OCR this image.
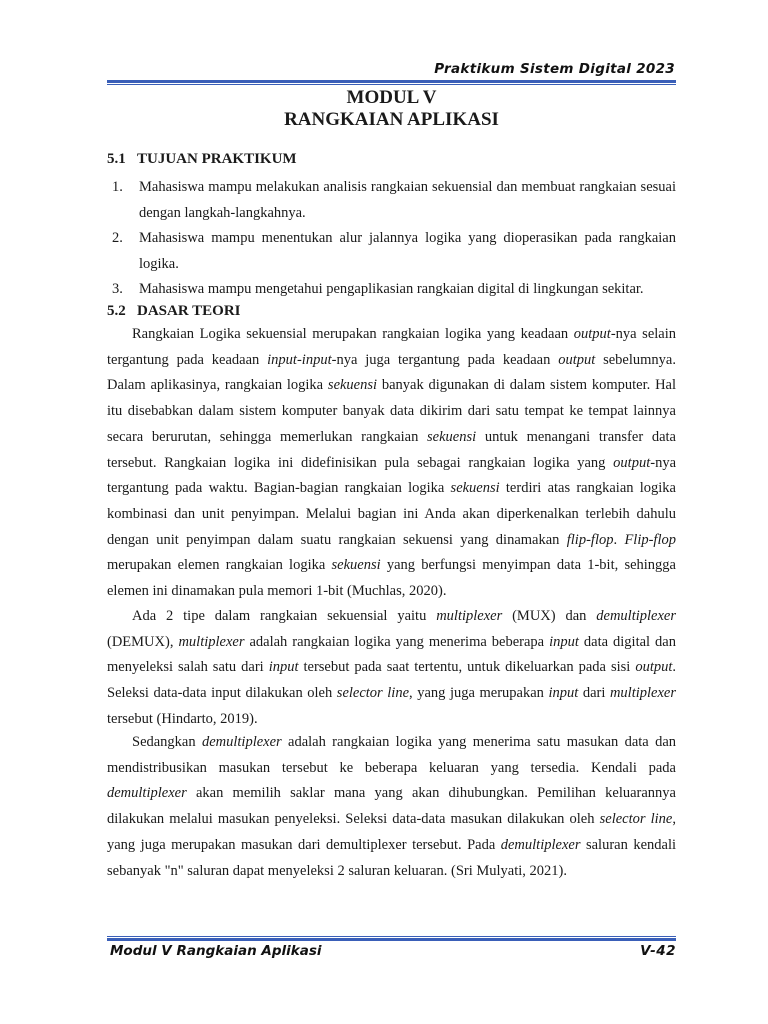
Praktikum Sistem Digital 2023
MODUL V
RANGKAIAN APLIKASI
5.1 TUJUAN PRAKTIKUM
1. Mahasiswa mampu melakukan analisis rangkaian sekuensial dan membuat rangkaian sesuai dengan langkah-langkahnya.
2. Mahasiswa mampu menentukan alur jalannya logika yang dioperasikan pada rangkaian logika.
3. Mahasiswa mampu mengetahui pengaplikasian rangkaian digital di lingkungan sekitar.
5.2 DASAR TEORI

Rangkaian Logika sekuensial merupakan rangkaian logika yang keadaan output-nya selain tergantung pada keadaan input-input-nya juga tergantung pada keadaan output sebelumnya. Dalam aplikasinya, rangkaian logika sekuensi banyak digunakan di dalam sistem komputer. Hal itu disebabkan dalam sistem komputer banyak data dikirim dari satu tempat ke tempat lainnya secara berurutan, sehingga memerlukan rangkaian sekuensi untuk menangani transfer data tersebut. Rangkaian logika ini didefinisikan pula sebagai rangkaian logika yang output-nya tergantung pada waktu. Bagian-bagian rangkaian logika sekuensi terdiri atas rangkaian logika kombinasi dan unit penyimpan. Melalui bagian ini Anda akan diperkenalkan terlebih dahulu dengan unit penyimpan dalam suatu rangkaian sekuensi yang dinamakan flip-flop. Flip-flop merupakan elemen rangkaian logika sekuensi yang berfungsi menyimpan data 1-bit, sehingga elemen ini dinamakan pula memori 1-bit (Muchlas, 2020).

Ada 2 tipe dalam rangkaian sekuensial yaitu multiplexer (MUX) dan demultiplexer (DEMUX), multiplexer adalah rangkaian logika yang menerima beberapa input data digital dan menyeleksi salah satu dari input tersebut pada saat tertentu, untuk dikeluarkan pada sisi output. Seleksi data-data input dilakukan oleh selector line, yang juga merupakan input dari multiplexer tersebut (Hindarto, 2019).

Sedangkan demultiplexer adalah rangkaian logika yang menerima satu masukan data dan mendistribusikan masukan tersebut ke beberapa keluaran yang tersedia. Kendali pada demultiplexer akan memilih saklar mana yang akan dihubungkan. Pemilihan keluarannya dilakukan melalui masukan penyeleksi. Seleksi data-data masukan dilakukan oleh selector line, yang juga merupakan masukan dari demultiplexer tersebut. Pada demultiplexer saluran kendali sebanyak "n" saluran dapat menyeleksi 2 saluran keluaran. (Sri Mulyati, 2021).

Modul V Rangkaian Aplikasi	V-42
